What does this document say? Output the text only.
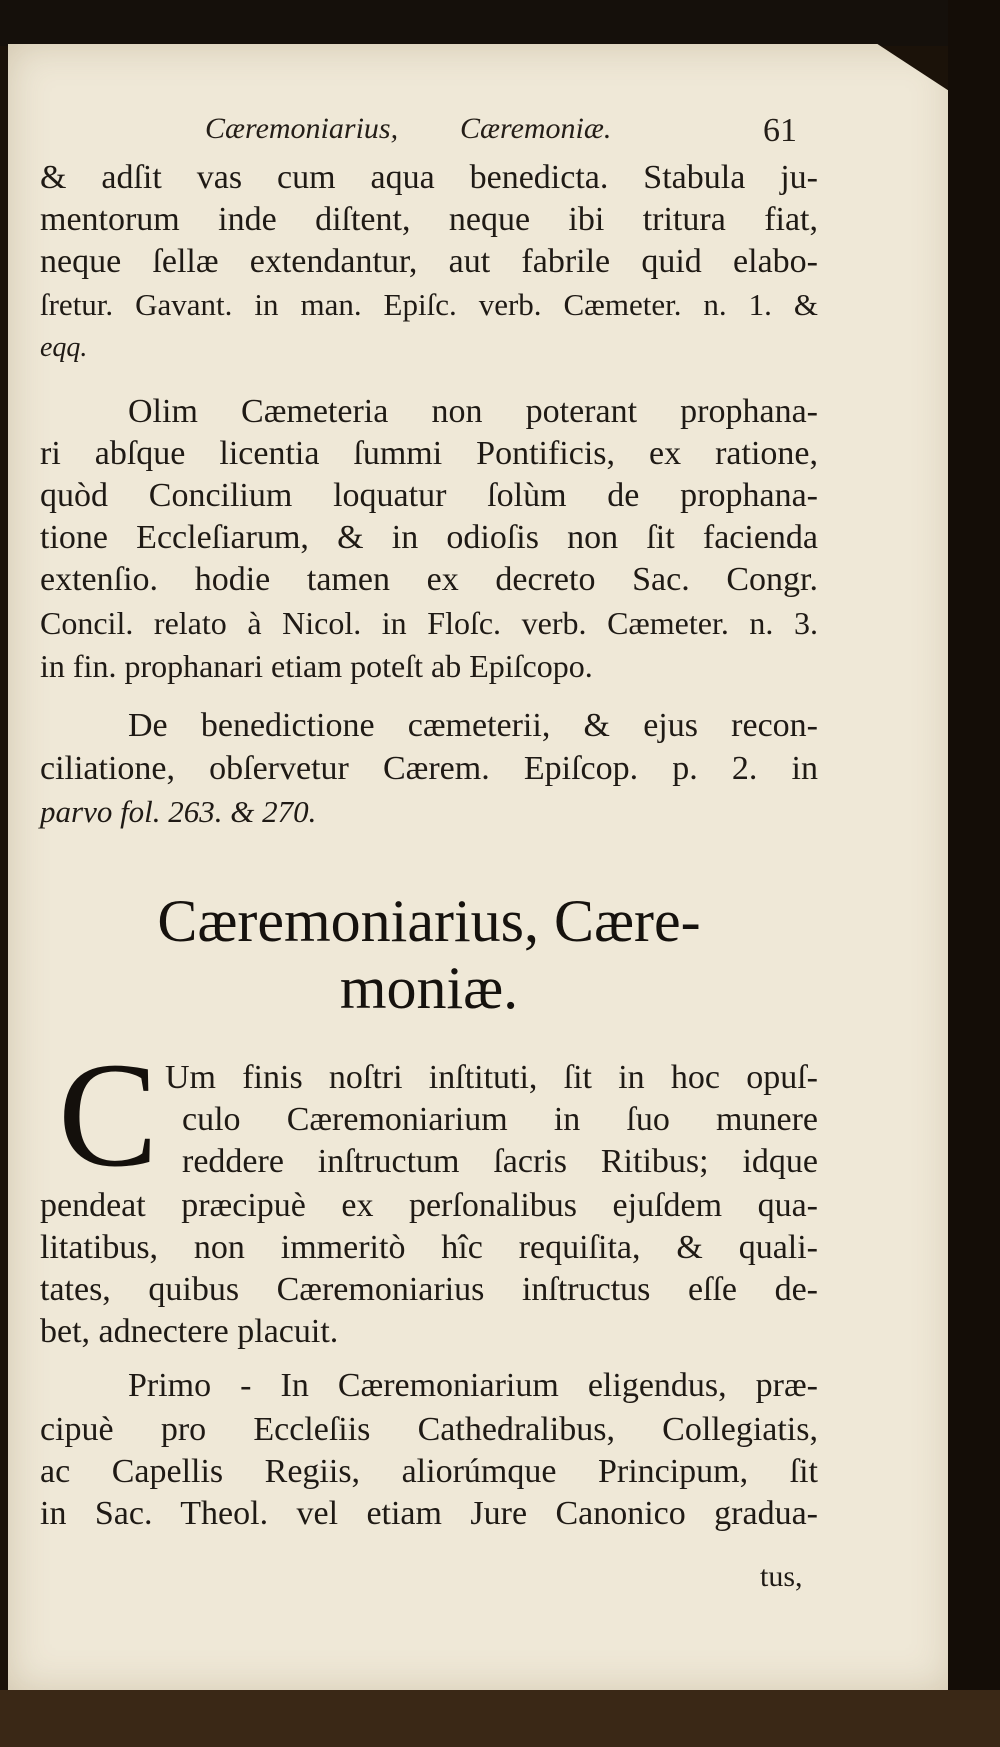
Cæremoniarius, Cæremoniæ.	61
& adſit vas cum aqua benedicta. Stabula ju-
mentorum inde diſtent, neque ibi tritura fiat,
neque ſellæ extendantur, aut fabrile quid elabo-
ſretur. Gavant. in man. Epiſc. verb. Cæmeter. n. 1. &
eqq.
Olim Cæmeteria non poterant prophana-
ri abſque licentia ſummi Pontificis, ex ratione,
quòd Concilium loquatur ſolùm de prophana-
tione Eccleſiarum, & in odioſis non ſit facienda
extenſio. hodie tamen ex decreto Sac. Congr.
Concil. relato à Nicol. in Floſc. verb. Cæmeter. n. 3.
in fin. prophanari etiam poteſt ab Epiſcopo.
De benedictione cæmeterii, & ejus recon-
ciliatione, obſervetur Cærem. Epiſcop. p. 2. in
parvo fol. 263. & 270.
Cæremoniarius, Cære-
moniæ.
C Um finis noſtri inſtituti, ſit in hoc opuſ-
culo Cæremoniarium in ſuo munere
reddere inſtructum ſacris Ritibus; idque
pendeat præcipuè ex perſonalibus ejuſdem qua-
litatibus, non immeritò hîc requiſita, & quali-
tates, quibus Cæremoniarius inſtructus eſſe de-
bet, adnectere placuit.
Primo - In Cæremoniarium eligendus, præ-
cipuè pro Eccleſiis Cathedralibus, Collegiatis,
ac Capellis Regiis, aliorúmque Principum, ſit
in Sac. Theol. vel etiam Jure Canonico gradua-
tus,
